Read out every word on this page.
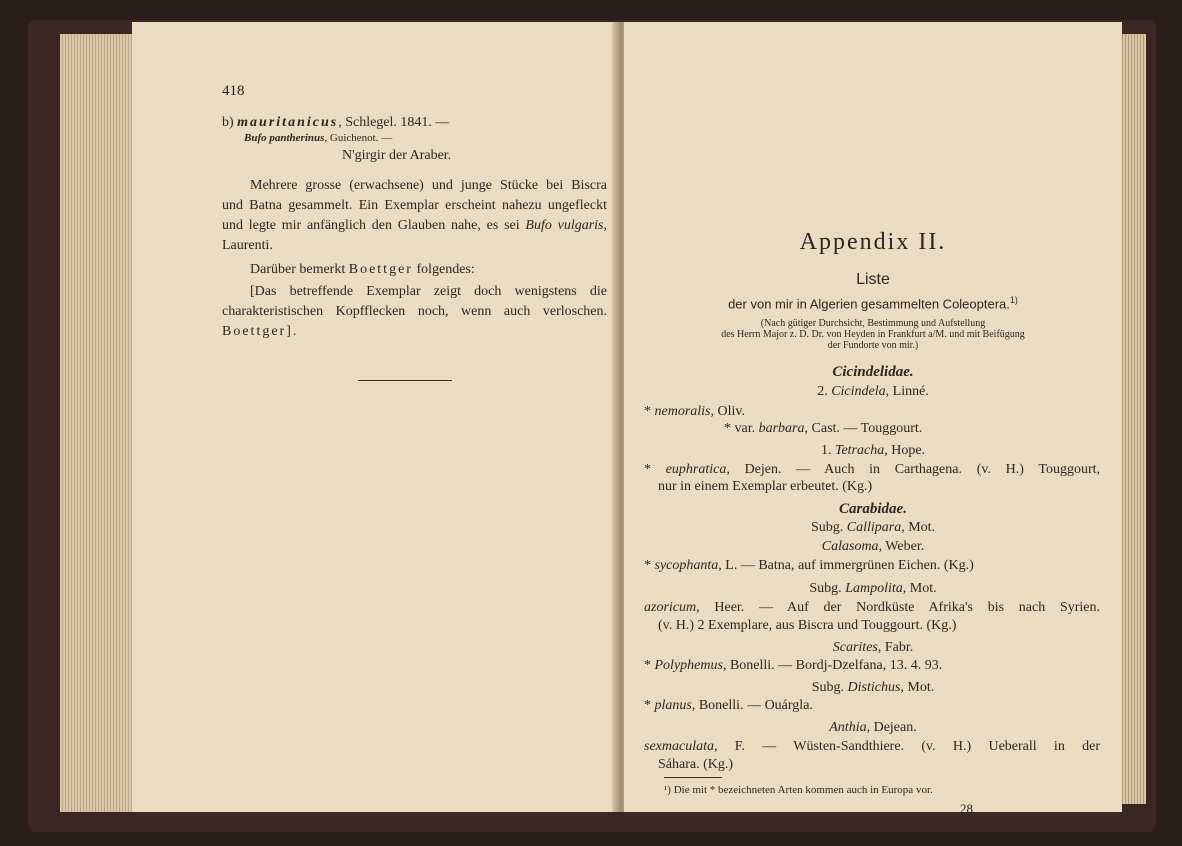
418
b) mauritanicus, Schlegel. 1841. —
Bufo pantherinus, Guichenot. —
N'girgir der Araber.
Mehrere grosse (erwachsene) und junge Stücke bei Biscra
und Batna gesammelt. Ein Exemplar erscheint nahezu ungefleckt
und legte mir anfänglich den Glauben nahe, es sei Bufo vulgaris,
Laurenti.
Darüber bemerkt Boettger folgendes:
[Das betreffende Exemplar zeigt doch wenigstens die
charakteristischen Kopfflecken noch, wenn auch verloschen.
Boettger].
Appendix II.
Liste
der von mir in Algerien gesammelten Coleoptera.$^{1)}$
(Nach gütiger Durchsicht, Bestimmung und Aufstellung
des Herrn Major z. D. Dr. von Heyden in Frankfurt a/M. und mit Beifügung
der Fundorte von mir.)
Cicindelidae.
2. Cicindela, Linné.
* nemoralis, Oliv.
* var. barbara, Cast. — Touggourt.
1. Tetracha, Hope.
* euphratica, Dejen. — Auch in Carthagena. (v. H.) Touggourt,
nur in einem Exemplar erbeutet. (Kg.)
Carabidae.
Subg. Callipara, Mot.
Calasoma, Weber.
* sycophanta, L. — Batna, auf immergrünen Eichen. (Kg.)
Subg. Lampolita, Mot.
azoricum, Heer. — Auf der Nordküste Afrika's bis nach Syrien.
(v. H.) 2 Exemplare, aus Biscra und Touggourt. (Kg.)
Scarites, Fabr.
* Polyphemus, Bonelli. — Bordj-Dzelfana, 13. 4. 93.
Subg. Distichus, Mot.
* planus, Bonelli. — Ouárgla.
Anthia, Dejean.
sexmaculata, F. — Wüsten-Sandthiere. (v. H.) Ueberall in der
Sáhara. (Kg.)
¹) Die mit * bezeichneten Arten kommen auch in Europa vor.
28
